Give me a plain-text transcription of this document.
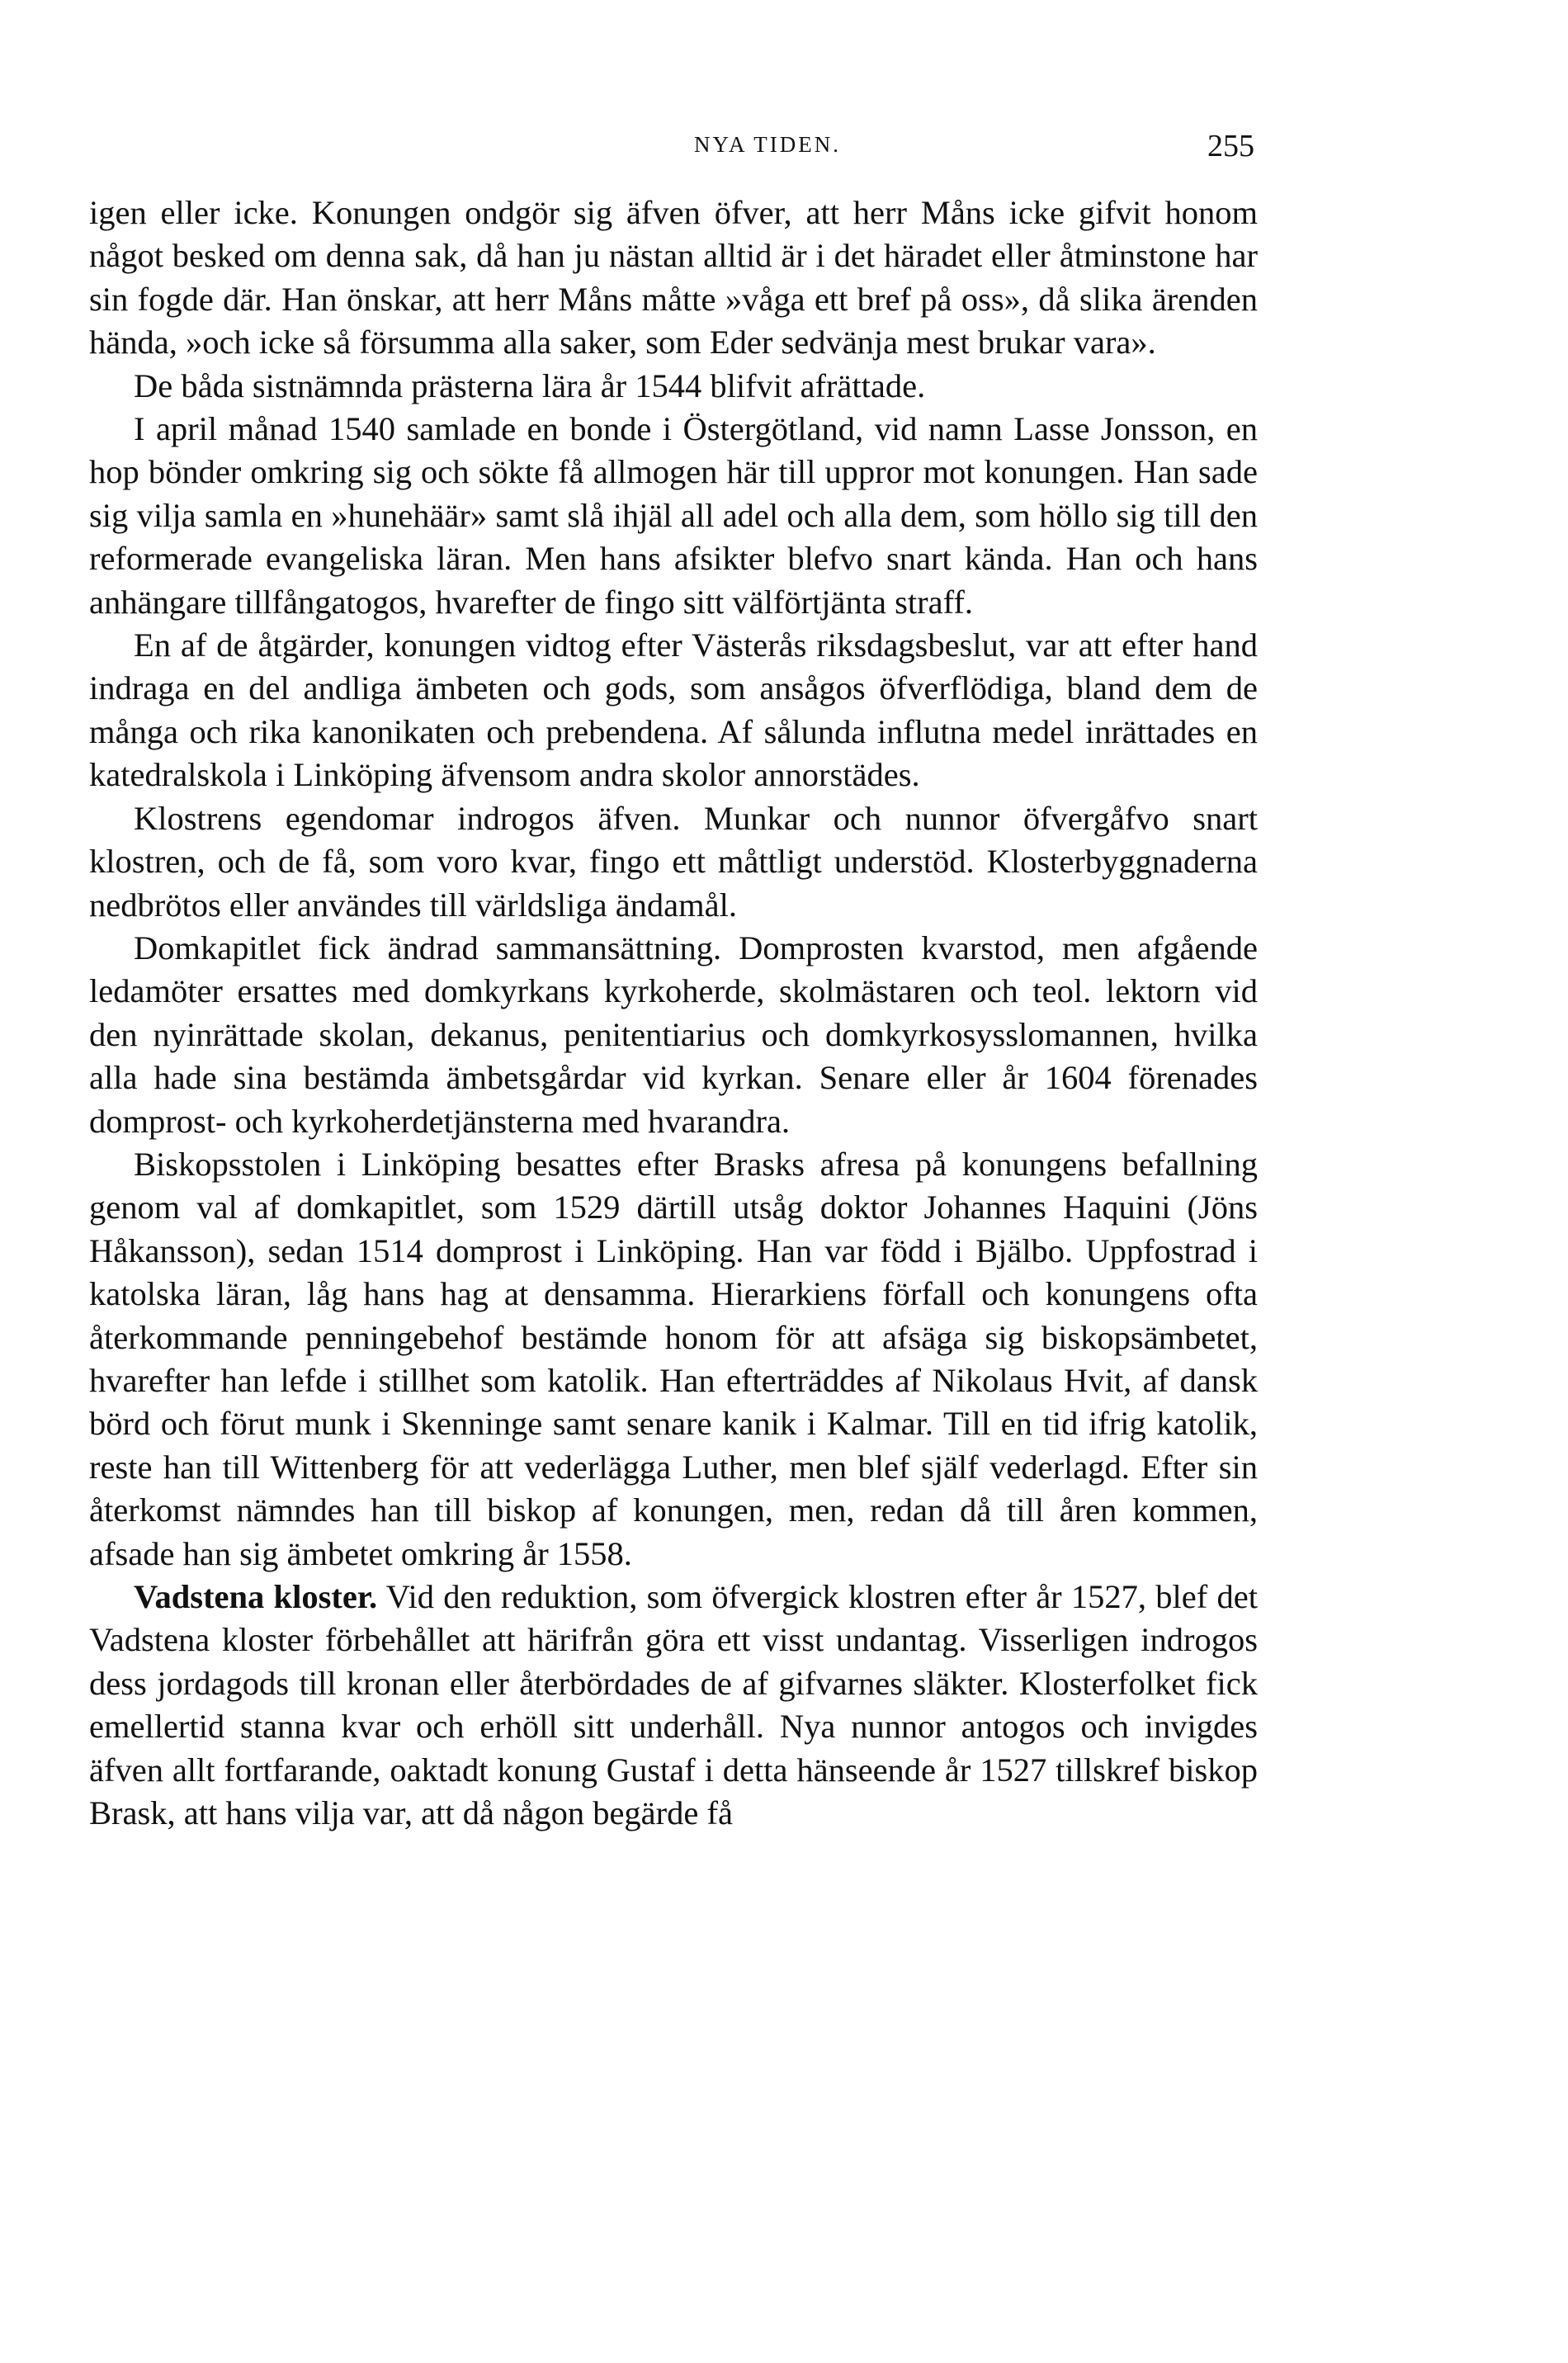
NYA TIDEN.	255

igen eller icke. Konungen ondgör sig äfven öfver, att herr Måns icke gifvit honom något besked om denna sak, då han ju nästan alltid är i det häradet eller åtminstone har sin fogde där. Han önskar, att herr Måns måtte »våga ett bref på oss», då slika ärenden hända, »och icke så försumma alla saker, som Eder sedvänja mest brukar vara».

De båda sistnämnda prästerna lära år 1544 blifvit afrättade.

I april månad 1540 samlade en bonde i Östergötland, vid namn Lasse Jonsson, en hop bönder omkring sig och sökte få allmogen här till uppror mot konungen. Han sade sig vilja samla en »hunehäär» samt slå ihjäl all adel och alla dem, som höllo sig till den reformerade evangeliska läran. Men hans afsikter blefvo snart kända. Han och hans anhängare tillfångatogos, hvarefter de fingo sitt välförtjänta straff.

En af de åtgärder, konungen vidtog efter Västerås riksdagsbeslut, var att efter hand indraga en del andliga ämbeten och gods, som ansågos öfverflödiga, bland dem de många och rika kanonikaten och prebendena. Af sålunda influtna medel inrättades en katedralskola i Linköping äfvensom andra skolor annorstädes.

Klostrens egendomar indrogos äfven. Munkar och nunnor öfvergåfvo snart klostren, och de få, som voro kvar, fingo ett måttligt understöd. Klosterbyggnaderna nedbrötos eller användes till världsliga ändamål.

Domkapitlet fick ändrad sammansättning. Domprosten kvarstod, men afgående ledamöter ersattes med domkyrkans kyrkoherde, skolmästaren och teol. lektorn vid den nyinrättade skolan, dekanus, penitentiarius och domkyrkosysslomannen, hvilka alla hade sina bestämda ämbetsgårdar vid kyrkan. Senare eller år 1604 förenades domprost- och kyrkoherdetjänsterna med hvarandra.

Biskopsstolen i Linköping besattes efter Brasks afresa på konungens befallning genom val af domkapitlet, som 1529 därtill utsåg doktor Johannes Haquini (Jöns Håkansson), sedan 1514 domprost i Linköping. Han var född i Bjälbo. Uppfostrad i katolska läran, låg hans hag at densamma. Hierarkiens förfall och konungens ofta återkommande penningebehof bestämde honom för att afsäga sig biskopsämbetet, hvarefter han lefde i stillhet som katolik. Han efterträddes af Nikolaus Hvit, af dansk börd och förut munk i Skenninge samt senare kanik i Kalmar. Till en tid ifrig katolik, reste han till Wittenberg för att vederlägga Luther, men blef själf vederlagd. Efter sin återkomst nämndes han till biskop af konungen, men, redan då till åren kommen, afsade han sig ämbetet omkring år 1558.

Vadstena kloster. Vid den reduktion, som öfvergick klostren efter år 1527, blef det Vadstena kloster förbehållet att härifrån göra ett visst undantag. Visserligen indrogos dess jordagods till kronan eller återbördades de af gifvarnes släkter. Klosterfolket fick emellertid stanna kvar och erhöll sitt underhåll. Nya nunnor antogos och invigdes äfven allt fortfarande, oaktadt konung Gustaf i detta hänseende år 1527 tillskref biskop Brask, att hans vilja var, att då någon begärde få
